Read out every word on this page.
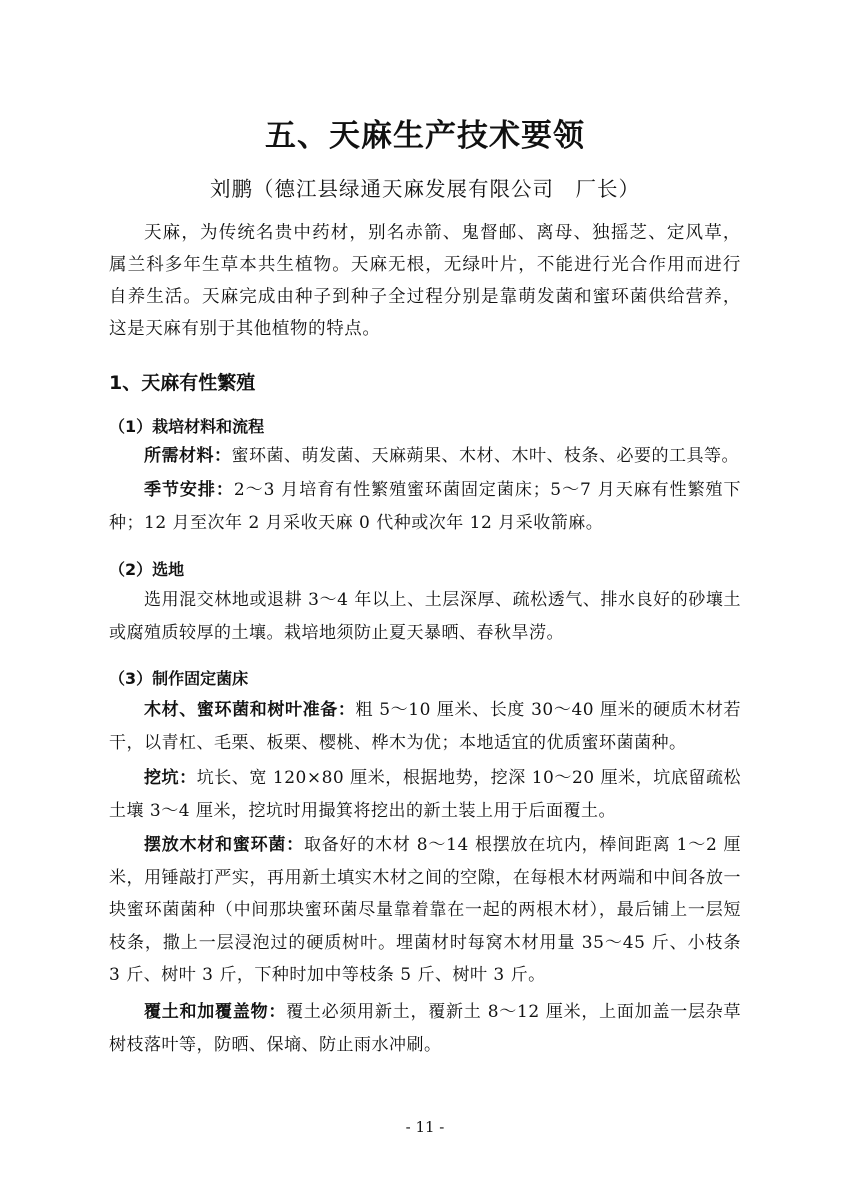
五、天麻生产技术要领
刘鹏（德江县绿通天麻发展有限公司　厂长）

天麻，为传统名贵中药材，别名赤箭、鬼督邮、离母、独摇芝、定风草，属兰科多年生草本共生植物。天麻无根，无绿叶片，不能进行光合作用而进行自养生活。天麻完成由种子到种子全过程分别是靠萌发菌和蜜环菌供给营养，这是天麻有别于其他植物的特点。

1、天麻有性繁殖
（1）栽培材料和流程

所需材料：蜜环菌、萌发菌、天麻蒴果、木材、木叶、枝条、必要的工具等。

季节安排：2～3 月培育有性繁殖蜜环菌固定菌床；5～7 月天麻有性繁殖下种；12 月至次年 2 月采收天麻 0 代种或次年 12 月采收箭麻。

（2）选地

选用混交林地或退耕 3～4 年以上、土层深厚、疏松透气、排水良好的砂壤土或腐殖质较厚的土壤。栽培地须防止夏天暴晒、春秋旱涝。

（3）制作固定菌床

木材、蜜环菌和树叶准备：粗 5～10 厘米、长度 30～40 厘米的硬质木材若干，以青杠、毛栗、板栗、樱桃、桦木为优；本地适宜的优质蜜环菌菌种。

挖坑：坑长、宽 120×80 厘米，根据地势，挖深 10～20 厘米，坑底留疏松土壤 3～4 厘米，挖坑时用撮箕将挖出的新土装上用于后面覆土。

摆放木材和蜜环菌：取备好的木材 8～14 根摆放在坑内，棒间距离 1～2 厘米，用锤敲打严实，再用新土填实木材之间的空隙，在每根木材两端和中间各放一块蜜环菌菌种（中间那块蜜环菌尽量靠着靠在一起的两根木材），最后铺上一层短枝条，撒上一层浸泡过的硬质树叶。埋菌材时每窝木材用量 35～45 斤、小枝条 3 斤、树叶 3 斤，下种时加中等枝条 5 斤、树叶 3 斤。

覆土和加覆盖物：覆土必须用新土，覆新土 8～12 厘米，上面加盖一层杂草树枝落叶等，防晒、保墒、防止雨水冲刷。

- 11 -
